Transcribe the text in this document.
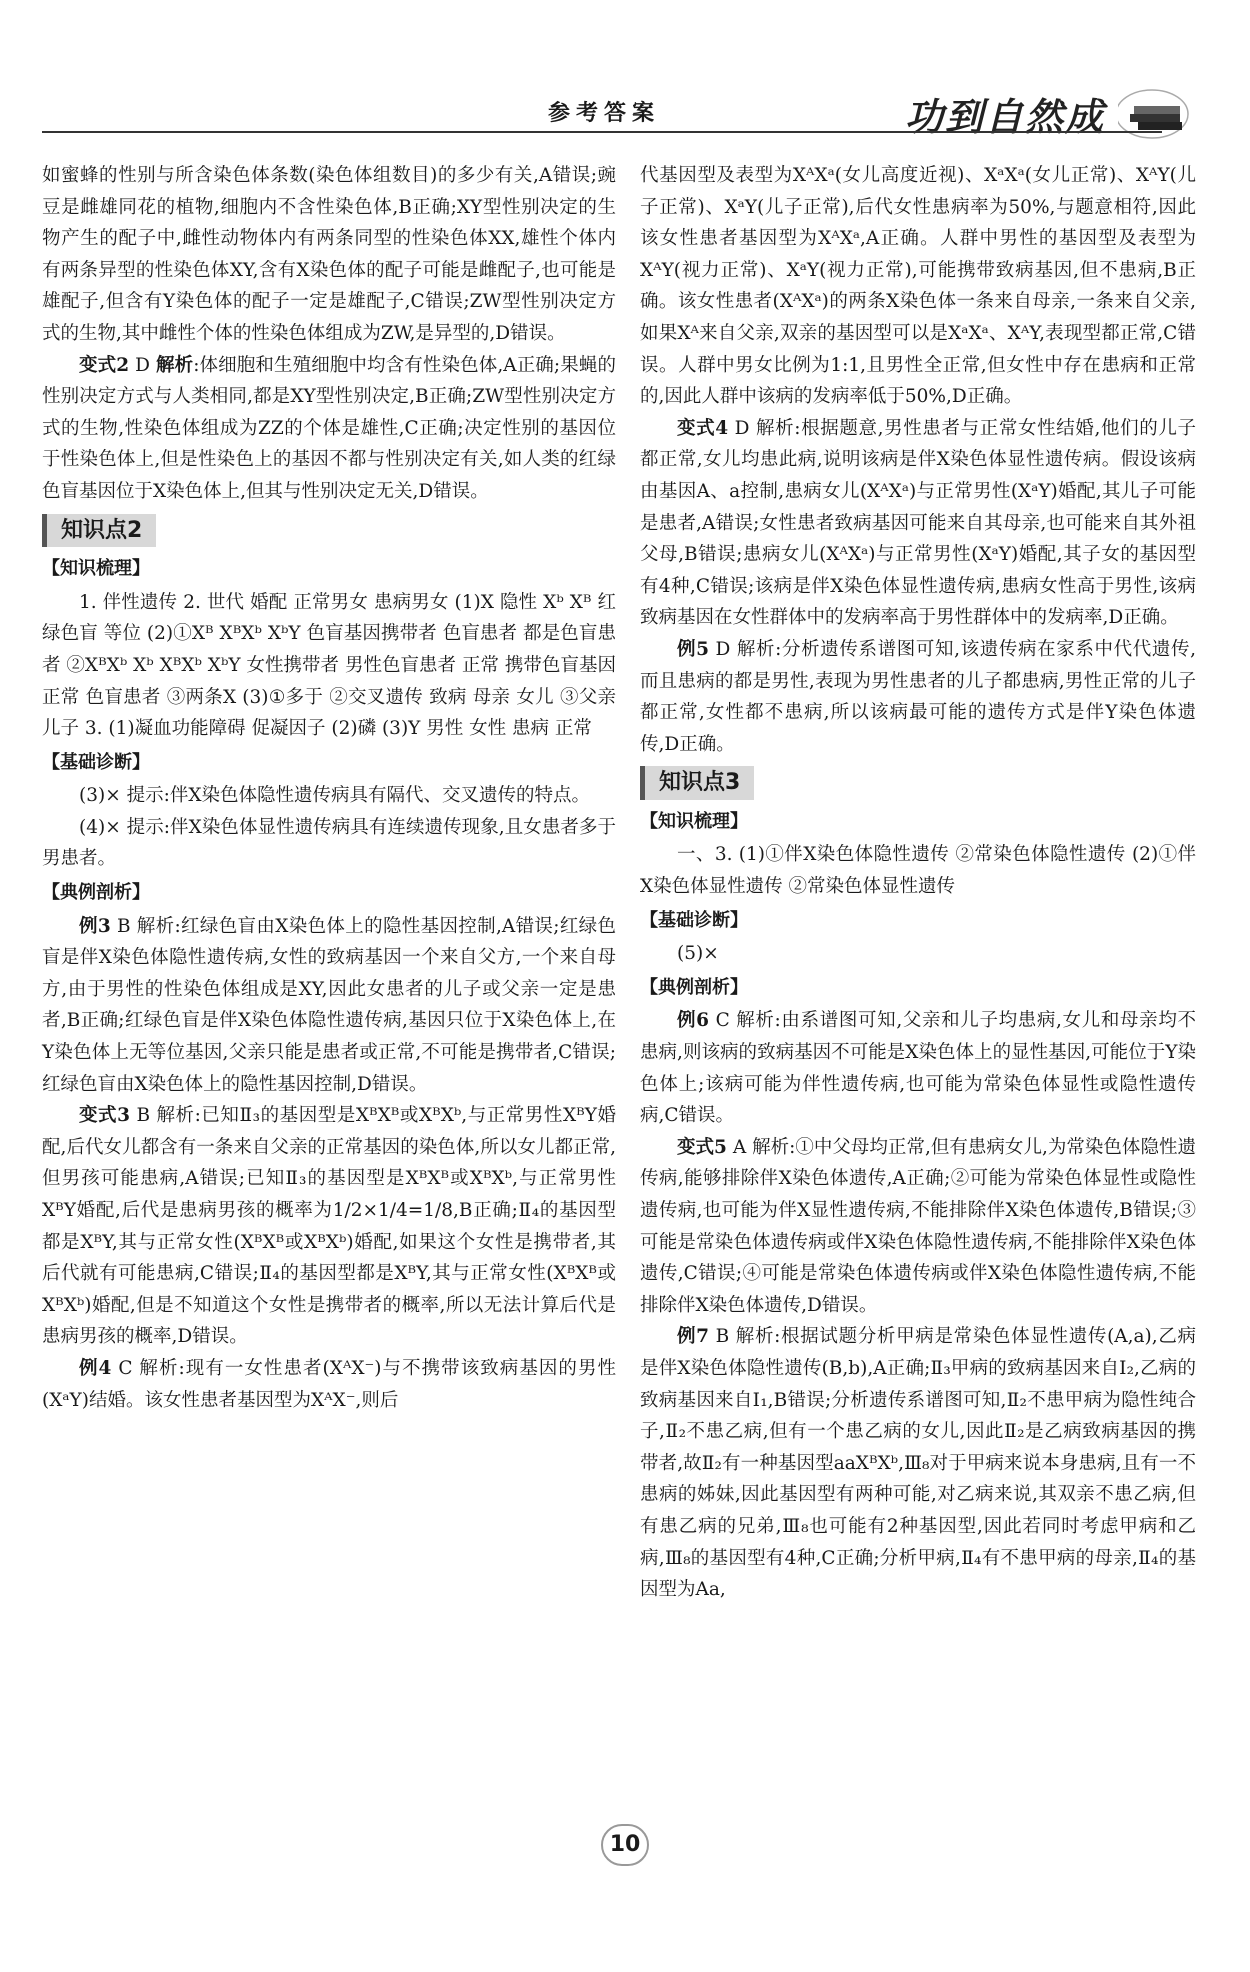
参考答案	功到自然成

如蜜蜂的性别与所含染色体条数(染色体组数目)的多少有关,A错误;豌豆是雌雄同花的植物,细胞内不含性染色体,B正确;XY型性别决定的生物产生的配子中,雌性动物体内有两条同型的性染色体XX,雄性个体内有两条异型的性染色体XY,含有X染色体的配子可能是雌配子,也可能是雄配子,但含有Y染色体的配子一定是雄配子,C错误;ZW型性别决定方式的生物,其中雌性个体的性染色体组成为ZW,是异型的,D错误。

变式2 D 解析:体细胞和生殖细胞中均含有性染色体,A正确;果蝇的性别决定方式与人类相同,都是XY型性别决定,B正确;ZW型性别决定方式的生物,性染色体组成为ZZ的个体是雄性,C正确;决定性别的基因位于性染色体上,但是性染色上的基因不都与性别决定有关,如人类的红绿色盲基因位于X染色体上,但其与性别决定无关,D错误。

知识点2
【知识梳理】

1. 伴性遗传 2. 世代 婚配 正常男女 患病男女 (1)X 隐性 Xᵇ Xᴮ 红绿色盲 等位 (2)①Xᴮ XᴮXᵇ XᵇY 色盲基因携带者 色盲患者 都是色盲患者 ②XᴮXᵇ Xᵇ XᴮXᵇ XᵇY 女性携带者 男性色盲患者 正常 携带色盲基因 正常 色盲患者 ③两条X (3)①多于 ②交叉遗传 致病 母亲 女儿 ③父亲 儿子 3. (1)凝血功能障碍 促凝因子 (2)磷 (3)Y 男性 女性 患病 正常

【基础诊断】

(3)× 提示:伴X染色体隐性遗传病具有隔代、交叉遗传的特点。

(4)× 提示:伴X染色体显性遗传病具有连续遗传现象,且女患者多于男患者。

【典例剖析】

例3 B 解析:红绿色盲由X染色体上的隐性基因控制,A错误;红绿色盲是伴X染色体隐性遗传病,女性的致病基因一个来自父方,一个来自母方,由于男性的性染色体组成是XY,因此女患者的儿子或父亲一定是患者,B正确;红绿色盲是伴X染色体隐性遗传病,基因只位于X染色体上,在Y染色体上无等位基因,父亲只能是患者或正常,不可能是携带者,C错误;红绿色盲由X染色体上的隐性基因控制,D错误。

变式3 B 解析:已知Ⅱ₃的基因型是XᴮXᴮ或XᴮXᵇ,与正常男性XᴮY婚配,后代女儿都含有一条来自父亲的正常基因的染色体,所以女儿都正常,但男孩可能患病,A错误;已知Ⅱ₃的基因型是XᴮXᴮ或XᴮXᵇ,与正常男性XᴮY婚配,后代是患病男孩的概率为1/2×1/4=1/8,B正确;Ⅱ₄的基因型都是XᴮY,其与正常女性(XᴮXᴮ或XᴮXᵇ)婚配,如果这个女性是携带者,其后代就有可能患病,C错误;Ⅱ₄的基因型都是XᴮY,其与正常女性(XᴮXᴮ或XᴮXᵇ)婚配,但是不知道这个女性是携带者的概率,所以无法计算后代是患病男孩的概率,D错误。

例4 C 解析:现有一女性患者(XᴬX⁻)与不携带该致病基因的男性(XᵃY)结婚。该女性患者基因型为XᴬX⁻,则后

代基因型及表型为XᴬXᵃ(女儿高度近视)、XᵃXᵃ(女儿正常)、XᴬY(儿子正常)、XᵃY(儿子正常),后代女性患病率为50%,与题意相符,因此该女性患者基因型为XᴬXᵃ,A正确。人群中男性的基因型及表型为XᴬY(视力正常)、XᵃY(视力正常),可能携带致病基因,但不患病,B正确。该女性患者(XᴬXᵃ)的两条X染色体一条来自母亲,一条来自父亲,如果Xᴬ来自父亲,双亲的基因型可以是XᵃXᵃ、XᴬY,表现型都正常,C错误。人群中男女比例为1:1,且男性全正常,但女性中存在患病和正常的,因此人群中该病的发病率低于50%,D正确。

变式4 D 解析:根据题意,男性患者与正常女性结婚,他们的儿子都正常,女儿均患此病,说明该病是伴X染色体显性遗传病。假设该病由基因A、a控制,患病女儿(XᴬXᵃ)与正常男性(XᵃY)婚配,其儿子可能是患者,A错误;女性患者致病基因可能来自其母亲,也可能来自其外祖父母,B错误;患病女儿(XᴬXᵃ)与正常男性(XᵃY)婚配,其子女的基因型有4种,C错误;该病是伴X染色体显性遗传病,患病女性高于男性,该病致病基因在女性群体中的发病率高于男性群体中的发病率,D正确。

例5 D 解析:分析遗传系谱图可知,该遗传病在家系中代代遗传,而且患病的都是男性,表现为男性患者的儿子都患病,男性正常的儿子都正常,女性都不患病,所以该病最可能的遗传方式是伴Y染色体遗传,D正确。

知识点3
【知识梳理】

一、3. (1)①伴X染色体隐性遗传 ②常染色体隐性遗传 (2)①伴X染色体显性遗传 ②常染色体显性遗传

【基础诊断】

(5)×

【典例剖析】

例6 C 解析:由系谱图可知,父亲和儿子均患病,女儿和母亲均不患病,则该病的致病基因不可能是X染色体上的显性基因,可能位于Y染色体上;该病可能为伴性遗传病,也可能为常染色体显性或隐性遗传病,C错误。

变式5 A 解析:①中父母均正常,但有患病女儿,为常染色体隐性遗传病,能够排除伴X染色体遗传,A正确;②可能为常染色体显性或隐性遗传病,也可能为伴X显性遗传病,不能排除伴X染色体遗传,B错误;③可能是常染色体遗传病或伴X染色体隐性遗传病,不能排除伴X染色体遗传,C错误;④可能是常染色体遗传病或伴X染色体隐性遗传病,不能排除伴X染色体遗传,D错误。

例7 B 解析:根据试题分析甲病是常染色体显性遗传(A,a),乙病是伴X染色体隐性遗传(B,b),A正确;Ⅱ₃甲病的致病基因来自Ⅰ₂,乙病的致病基因来自Ⅰ₁,B错误;分析遗传系谱图可知,Ⅱ₂不患甲病为隐性纯合子,Ⅱ₂不患乙病,但有一个患乙病的女儿,因此Ⅱ₂是乙病致病基因的携带者,故Ⅱ₂有一种基因型aaXᴮXᵇ,Ⅲ₈对于甲病来说本身患病,且有一不患病的姊妹,因此基因型有两种可能,对乙病来说,其双亲不患乙病,但有患乙病的兄弟,Ⅲ₈也可能有2种基因型,因此若同时考虑甲病和乙病,Ⅲ₈的基因型有4种,C正确;分析甲病,Ⅱ₄有不患甲病的母亲,Ⅱ₄的基因型为Aa,

10
